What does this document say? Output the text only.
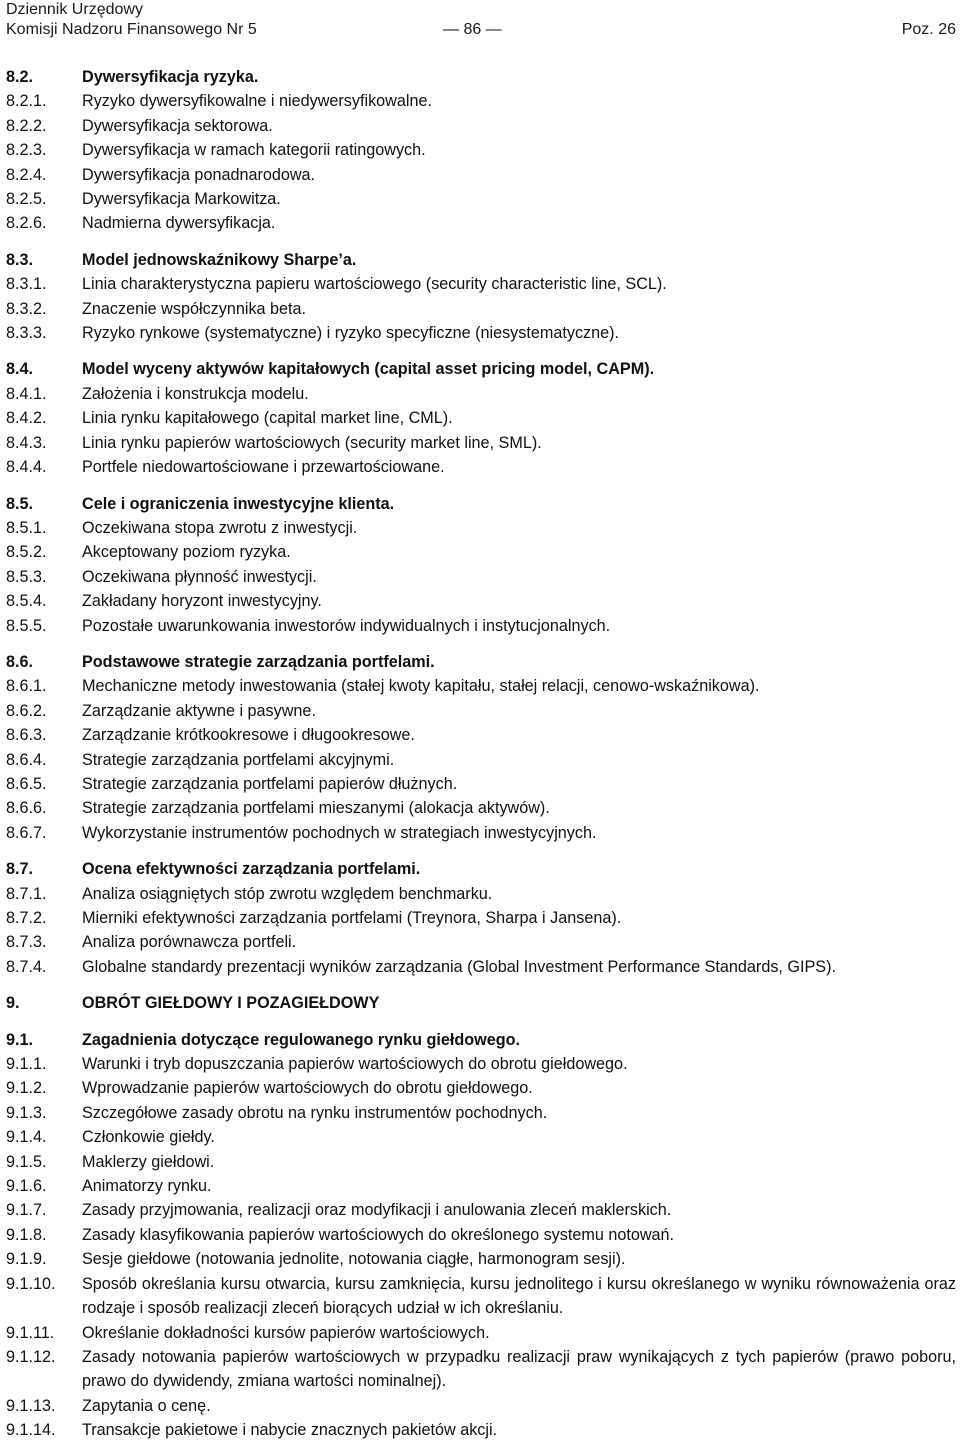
Dziennik Urzędowy
Komisji Nadzoru Finansowego Nr 5	— 86 —	Poz. 26
8.2.	Dywersyfikacja ryzyka.
8.2.1.	Ryzyko dywersyfikowalne i niedywersyfikowalne.
8.2.2.	Dywersyfikacja sektorowa.
8.2.3.	Dywersyfikacja w ramach kategorii ratingowych.
8.2.4.	Dywersyfikacja ponadnarodowa.
8.2.5.	Dywersyfikacja Markowitza.
8.2.6.	Nadmierna dywersyfikacja.
8.3.	Model jednowskaźnikowy Sharpe’a.
8.3.1.	Linia charakterystyczna papieru wartościowego (security characteristic line, SCL).
8.3.2.	Znaczenie współczynnika beta.
8.3.3.	Ryzyko rynkowe (systematyczne) i ryzyko specyficzne (niesystematyczne).
8.4.	Model wyceny aktywów kapitałowych (capital asset pricing model, CAPM).
8.4.1.	Założenia i konstrukcja modelu.
8.4.2.	Linia rynku kapitałowego (capital market line, CML).
8.4.3.	Linia rynku papierów wartościowych (security market line, SML).
8.4.4.	Portfele niedowartościowane i przewartościowane.
8.5.	Cele i ograniczenia inwestycyjne klienta.
8.5.1.	Oczekiwana stopa zwrotu z inwestycji.
8.5.2.	Akceptowany poziom ryzyka.
8.5.3.	Oczekiwana płynność inwestycji.
8.5.4.	Zakładany horyzont inwestycyjny.
8.5.5.	Pozostałe uwarunkowania inwestorów indywidualnych i instytucjonalnych.
8.6.	Podstawowe strategie zarządzania portfelami.
8.6.1.	Mechaniczne metody inwestowania (stałej kwoty kapitału, stałej relacji, cenowo-wskaźnikowa).
8.6.2.	Zarządzanie aktywne i pasywne.
8.6.3.	Zarządzanie krótkookresowe i długookresowe.
8.6.4.	Strategie zarządzania portfelami akcyjnymi.
8.6.5.	Strategie zarządzania portfelami papierów dłużnych.
8.6.6.	Strategie zarządzania portfelami mieszanymi (alokacja aktywów).
8.6.7.	Wykorzystanie instrumentów pochodnych w strategiach inwestycyjnych.
8.7.	Ocena efektywności zarządzania portfelami.
8.7.1.	Analiza osiągniętych stóp zwrotu względem benchmarku.
8.7.2.	Mierniki efektywności zarządzania portfelami (Treynora, Sharpa i Jansena).
8.7.3.	Analiza porównawcza portfeli.
8.7.4.	Globalne standardy prezentacji wyników zarządzania (Global Investment Performance Standards, GIPS).
9.	OBRÓT GIEŁDOWY I POZAGIEŁDOWY
9.1.	Zagadnienia dotyczące regulowanego rynku giełdowego.
9.1.1.	Warunki i tryb dopuszczania papierów wartościowych do obrotu giełdowego.
9.1.2.	Wprowadzanie papierów wartościowych do obrotu giełdowego.
9.1.3.	Szczegółowe zasady obrotu na rynku instrumentów pochodnych.
9.1.4.	Członkowie giełdy.
9.1.5.	Maklerzy giełdowi.
9.1.6.	Animatorzy rynku.
9.1.7.	Zasady przyjmowania, realizacji oraz modyfikacji i anulowania zleceń maklerskich.
9.1.8.	Zasady klasyfikowania papierów wartościowych do określonego systemu notowań.
9.1.9.	Sesje giełdowe (notowania jednolite, notowania ciągłe, harmonogram sesji).
9.1.10.	Sposób określania kursu otwarcia, kursu zamknięcia, kursu jednolitego i kursu określanego w wyniku równoważenia oraz rodzaje i sposób realizacji zleceń biorących udział w ich określaniu.
9.1.11.	Określanie dokładności kursów papierów wartościowych.
9.1.12.	Zasady notowania papierów wartościowych w przypadku realizacji praw wynikających z tych papierów (prawo poboru, prawo do dywidendy, zmiana wartości nominalnej).
9.1.13.	Zapytania o cenę.
9.1.14.	Transakcje pakietowe i nabycie znacznych pakietów akcji.
